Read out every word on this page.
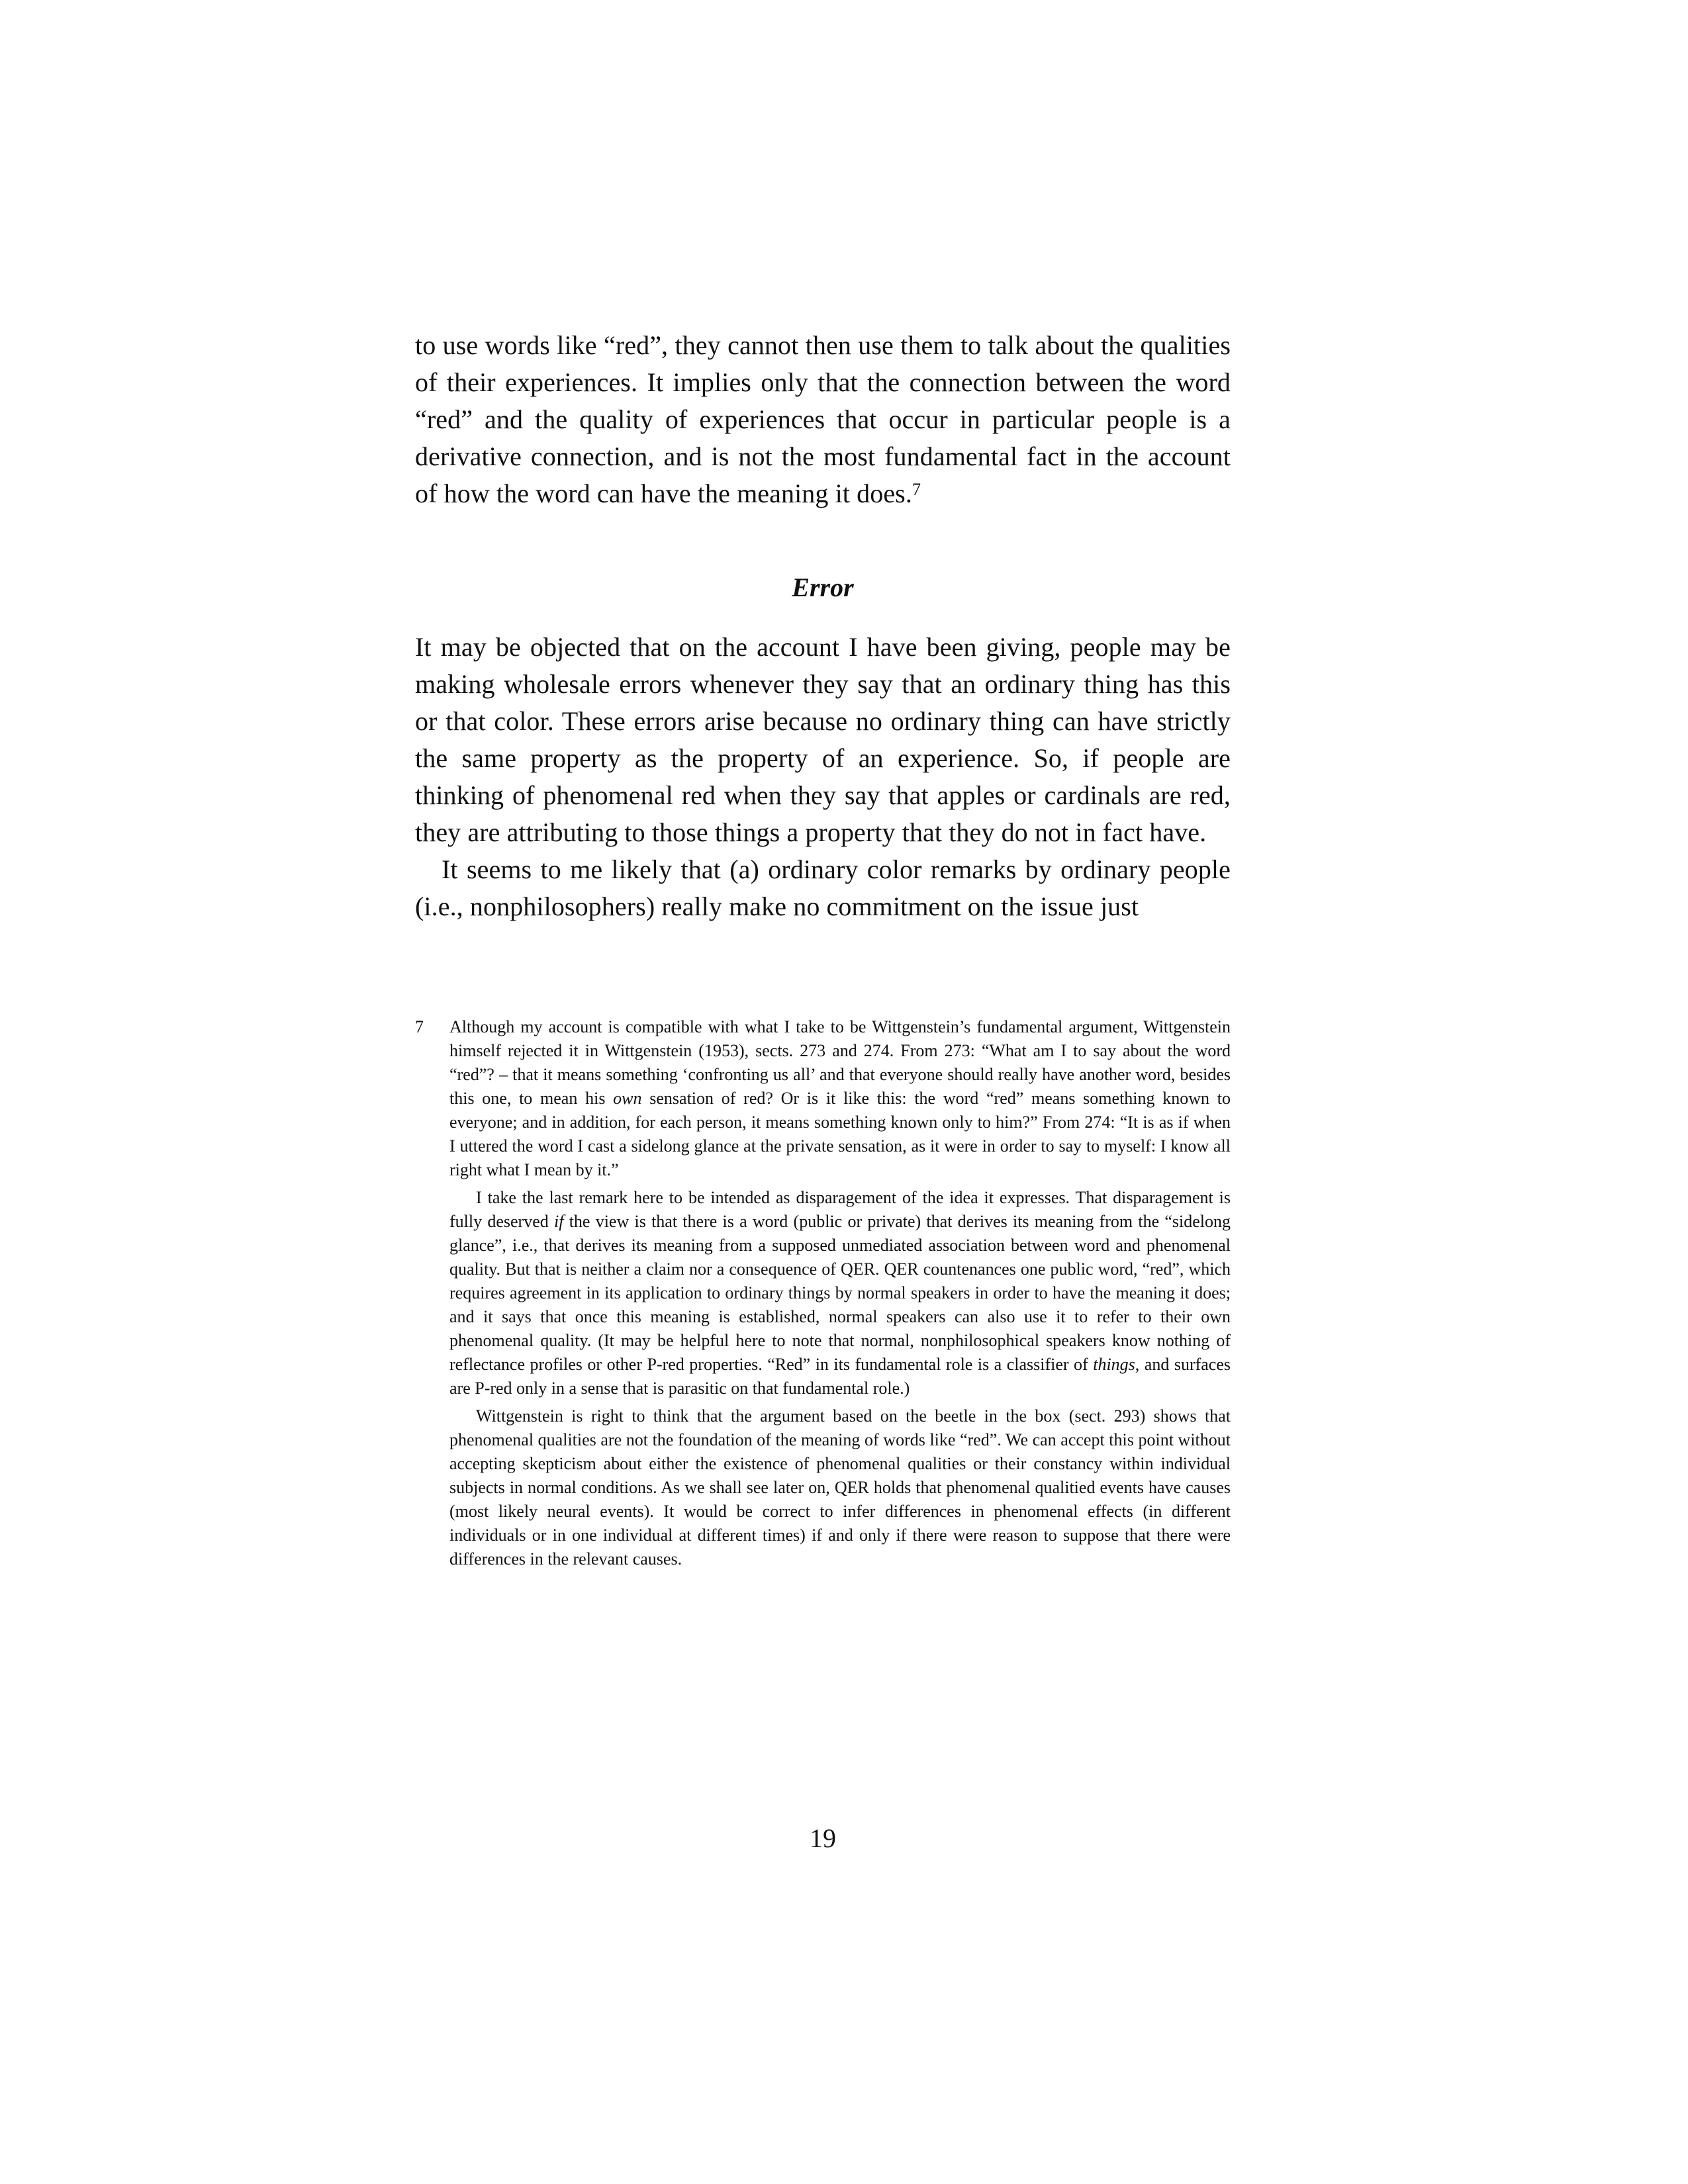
to use words like “red”, they cannot then use them to talk about the qualities of their experiences. It implies only that the connection between the word “red” and the quality of experiences that occur in particular people is a derivative connection, and is not the most fundamental fact in the account of how the word can have the meaning it does.$^7$

Error

It may be objected that on the account I have been giving, people may be making wholesale errors whenever they say that an ordinary thing has this or that color. These errors arise because no ordinary thing can have strictly the same property as the property of an experience. So, if people are thinking of phenomenal red when they say that apples or cardinals are red, they are attributing to those things a property that they do not in fact have.

It seems to me likely that (a) ordinary color remarks by ordinary people (i.e., nonphilosophers) really make no commitment on the issue just

7 Although my account is compatible with what I take to be Wittgenstein’s fundamental argument, Wittgenstein himself rejected it in Wittgenstein (1953), sects. 273 and 274. From 273: “What am I to say about the word “red”? – that it means something ‘confronting us all’ and that everyone should really have another word, besides this one, to mean his own sensation of red? Or is it like this: the word “red” means something known to everyone; and in addition, for each person, it means something known only to him?” From 274: “It is as if when I uttered the word I cast a sidelong glance at the private sensation, as it were in order to say to myself: I know all right what I mean by it.”

I take the last remark here to be intended as disparagement of the idea it expresses. That disparagement is fully deserved if the view is that there is a word (public or private) that derives its meaning from the “sidelong glance”, i.e., that derives its meaning from a supposed unmediated association between word and phenomenal quality. But that is neither a claim nor a consequence of QER. QER countenances one public word, “red”, which requires agreement in its application to ordinary things by normal speakers in order to have the meaning it does; and it says that once this meaning is established, normal speakers can also use it to refer to their own phenomenal quality. (It may be helpful here to note that normal, nonphilosophical speakers know nothing of reflectance profiles or other P-red properties. “Red” in its fundamental role is a classifier of things, and surfaces are P-red only in a sense that is parasitic on that fundamental role.)

Wittgenstein is right to think that the argument based on the beetle in the box (sect. 293) shows that phenomenal qualities are not the foundation of the meaning of words like “red”. We can accept this point without accepting skepticism about either the existence of phenomenal qualities or their constancy within individual subjects in normal conditions. As we shall see later on, QER holds that phenomenal qualitied events have causes (most likely neural events). It would be correct to infer differences in phenomenal effects (in different individuals or in one individual at different times) if and only if there were reason to suppose that there were differences in the relevant causes.

19
